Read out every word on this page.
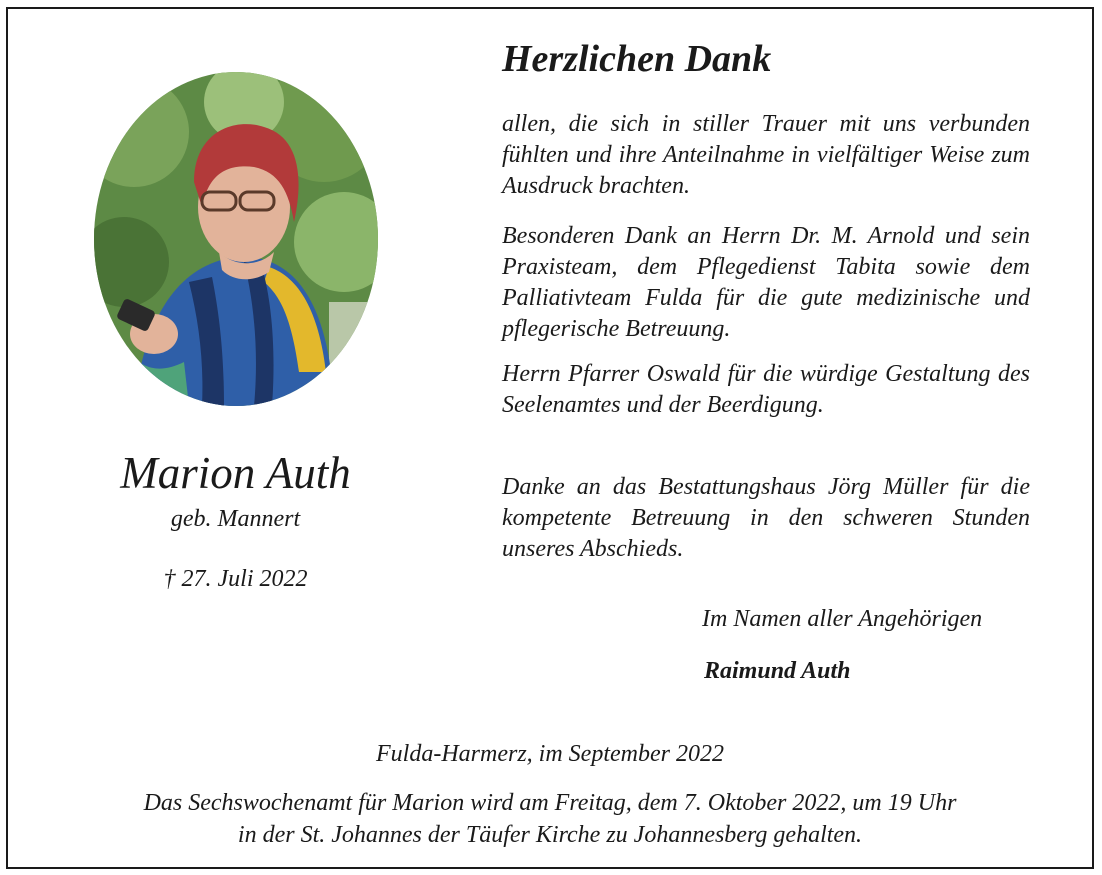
Marion Auth
geb. Mannert
† 27. Juli 2022
Herzlichen Dank

allen, die sich in stiller Trauer mit uns verbunden fühlten und ihre Anteilnahme in vielfältiger Weise zum Ausdruck brachten.

Besonderen Dank an Herrn Dr. M. Arnold und sein Praxisteam, dem Pflegedienst Tabita sowie dem Palliativteam Fulda für die gute medizinische und pflegerische Betreuung.

Herrn Pfarrer Oswald für die würdige Gestaltung des Seelenamtes und der Beerdigung.

Danke an das Bestattungshaus Jörg Müller für die kompetente Betreuung in den schweren Stunden unseres Abschieds.

Im Namen aller Angehörigen
Raimund Auth
Fulda-Harmerz, im September 2022
Das Sechswochenamt für Marion wird am Freitag, dem 7. Oktober 2022, um 19 Uhr
in der St. Johannes der Täufer Kirche zu Johannesberg gehalten.
